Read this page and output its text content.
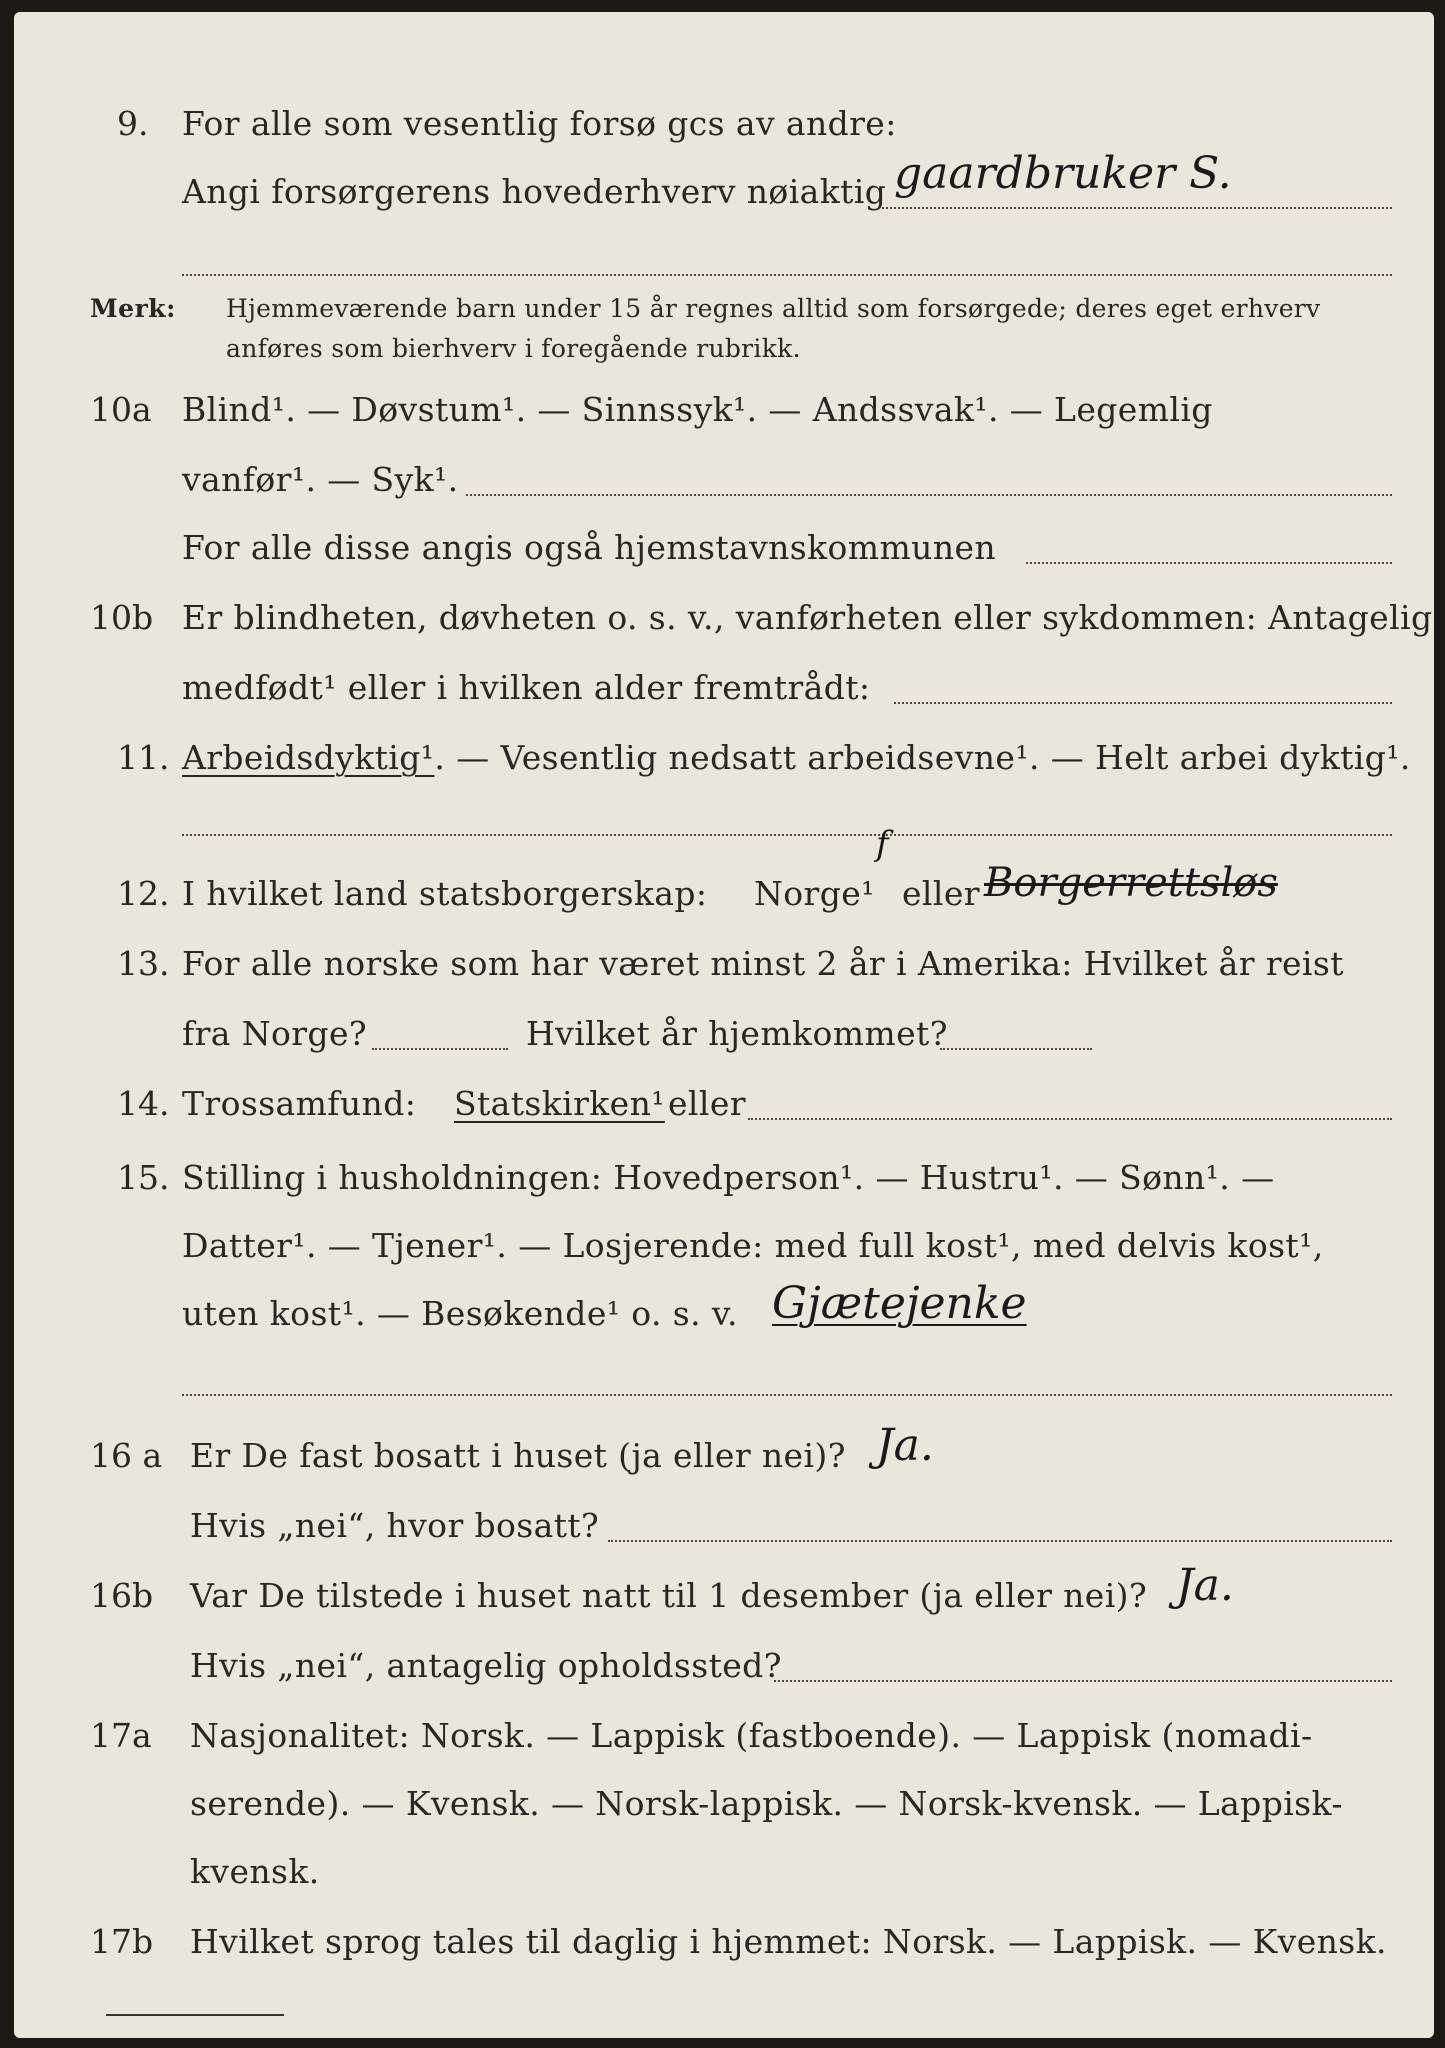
9. For alle som vesentlig forsø gcs av andre:
Angi forsørgerens hovederhverv nøiaktig gaardbruker S.
Merk: Hjemmeværende barn under 15 år regnes alltid som forsørgede; deres eget erhverv
anføres som bierhverv i foregående rubrikk.
10a Blind¹. — Døvstum¹. — Sinnssyk¹. — Andssvak¹. — Legemlig
vanfør¹. — Syk¹.
For alle disse angis også hjemstavnskommunen
10b Er blindheten, døvheten o. s. v., vanførheten eller sykdommen: Antagelig
medfødt¹ eller i hvilken alder fremtrådt:
11. Arbeidsdyktig¹. — Vesentlig nedsatt arbeidsevne¹. — Helt arbei dyktig¹.
12. I hvilket land statsborgerskap: Norge¹
f
eller Borgerrettsløs
13. For alle norske som har været minst 2 år i Amerika: Hvilket år reist
fra Norge?	Hvilket år hjemkommet?
14. Trossamfund: Statskirken¹ eller
15. Stilling i husholdningen: Hovedperson¹. — Hustru¹. — Sønn¹. —
Datter¹. — Tjener¹. — Losjerende: med full kost¹, med delvis kost¹,
uten kost¹. — Besøkende¹ o. s. v. Gjætejenke
16 a Er De fast bosatt i huset (ja eller nei)? Ja.
Hvis „nei“, hvor bosatt?
16b Var De tilstede i huset natt til 1 desember (ja eller nei)? Ja.
Hvis „nei“, antagelig opholdssted?
17a Nasjonalitet: Norsk. — Lappisk (fastboende). — Lappisk (nomadi-
serende). — Kvensk. — Norsk-lappisk. — Norsk-kvensk. — Lappisk-
kvensk.
17b Hvilket sprog tales til daglig i hjemmet: Norsk. — Lappisk. — Kvensk.
